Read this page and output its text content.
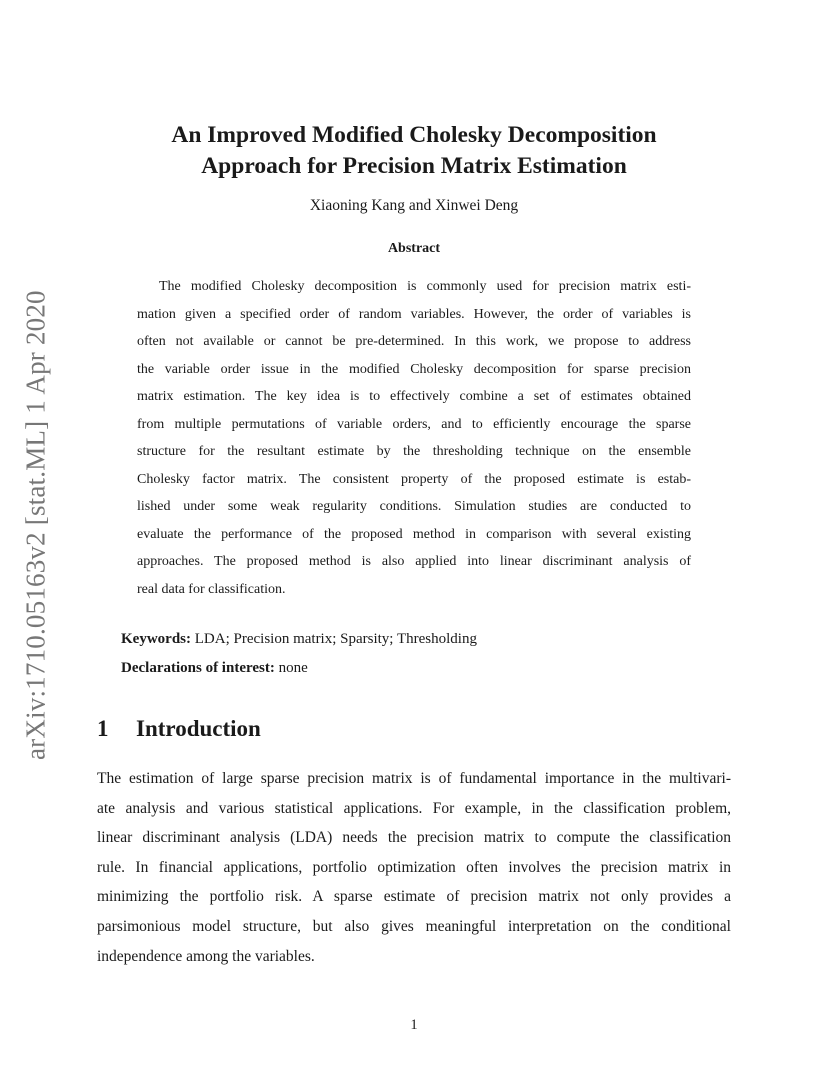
arXiv:1710.05163v2 [stat.ML] 1 Apr 2020
An Improved Modified Cholesky Decomposition
Approach for Precision Matrix Estimation
Xiaoning Kang and Xinwei Deng
Abstract
The modified Cholesky decomposition is commonly used for precision matrix esti-
mation given a specified order of random variables. However, the order of variables is
often not available or cannot be pre-determined. In this work, we propose to address
the variable order issue in the modified Cholesky decomposition for sparse precision
matrix estimation. The key idea is to effectively combine a set of estimates obtained
from multiple permutations of variable orders, and to efficiently encourage the sparse
structure for the resultant estimate by the thresholding technique on the ensemble
Cholesky factor matrix. The consistent property of the proposed estimate is estab-
lished under some weak regularity conditions. Simulation studies are conducted to
evaluate the performance of the proposed method in comparison with several existing
approaches. The proposed method is also applied into linear discriminant analysis of
real data for classification.
Keywords: LDA; Precision matrix; Sparsity; Thresholding
Declarations of interest: none
1 Introduction
The estimation of large sparse precision matrix is of fundamental importance in the multivari-
ate analysis and various statistical applications. For example, in the classification problem,
linear discriminant analysis (LDA) needs the precision matrix to compute the classification
rule. In financial applications, portfolio optimization often involves the precision matrix in
minimizing the portfolio risk. A sparse estimate of precision matrix not only provides a
parsimonious model structure, but also gives meaningful interpretation on the conditional
independence among the variables.
1
